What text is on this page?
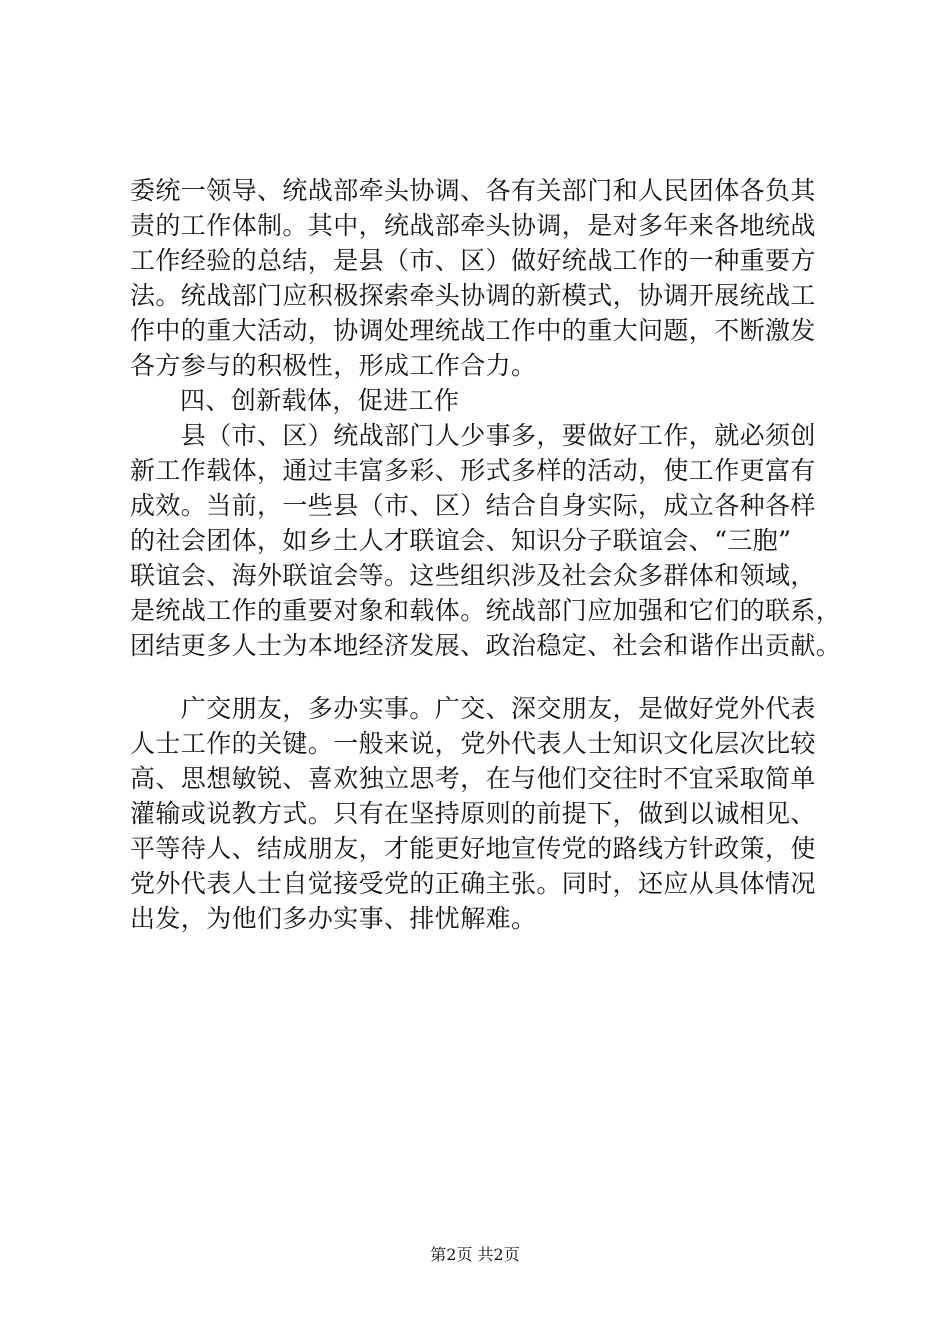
委统一领导、统战部牵头协调、各有关部门和人民团体各负其
责的工作体制。其中，统战部牵头协调，是对多年来各地统战
工作经验的总结，是县（市、区）做好统战工作的一种重要方
法。统战部门应积极探索牵头协调的新模式，协调开展统战工
作中的重大活动，协调处理统战工作中的重大问题，不断激发
各方参与的积极性，形成工作合力。
四、创新载体，促进工作
　　县（市、区）统战部门人少事多，要做好工作，就必须创
新工作载体，通过丰富多彩、形式多样的活动，使工作更富有
成效。当前，一些县（市、区）结合自身实际，成立各种各样
的社会团体，如乡土人才联谊会、知识分子联谊会、“三胞”
联谊会、海外联谊会等。这些组织涉及社会众多群体和领域，
是统战工作的重要对象和载体。统战部门应加强和它们的联系，
团结更多人士为本地经济发展、政治稳定、社会和谐作出贡献。
　　广交朋友，多办实事。广交、深交朋友，是做好党外代表
人士工作的关键。一般来说，党外代表人士知识文化层次比较
高、思想敏锐、喜欢独立思考，在与他们交往时不宜采取简单
灌输或说教方式。只有在坚持原则的前提下，做到以诚相见、
平等待人、结成朋友，才能更好地宣传党的路线方针政策，使
党外代表人士自觉接受党的正确主张。同时，还应从具体情况
出发，为他们多办实事、排忧解难。
第2页 共2页
